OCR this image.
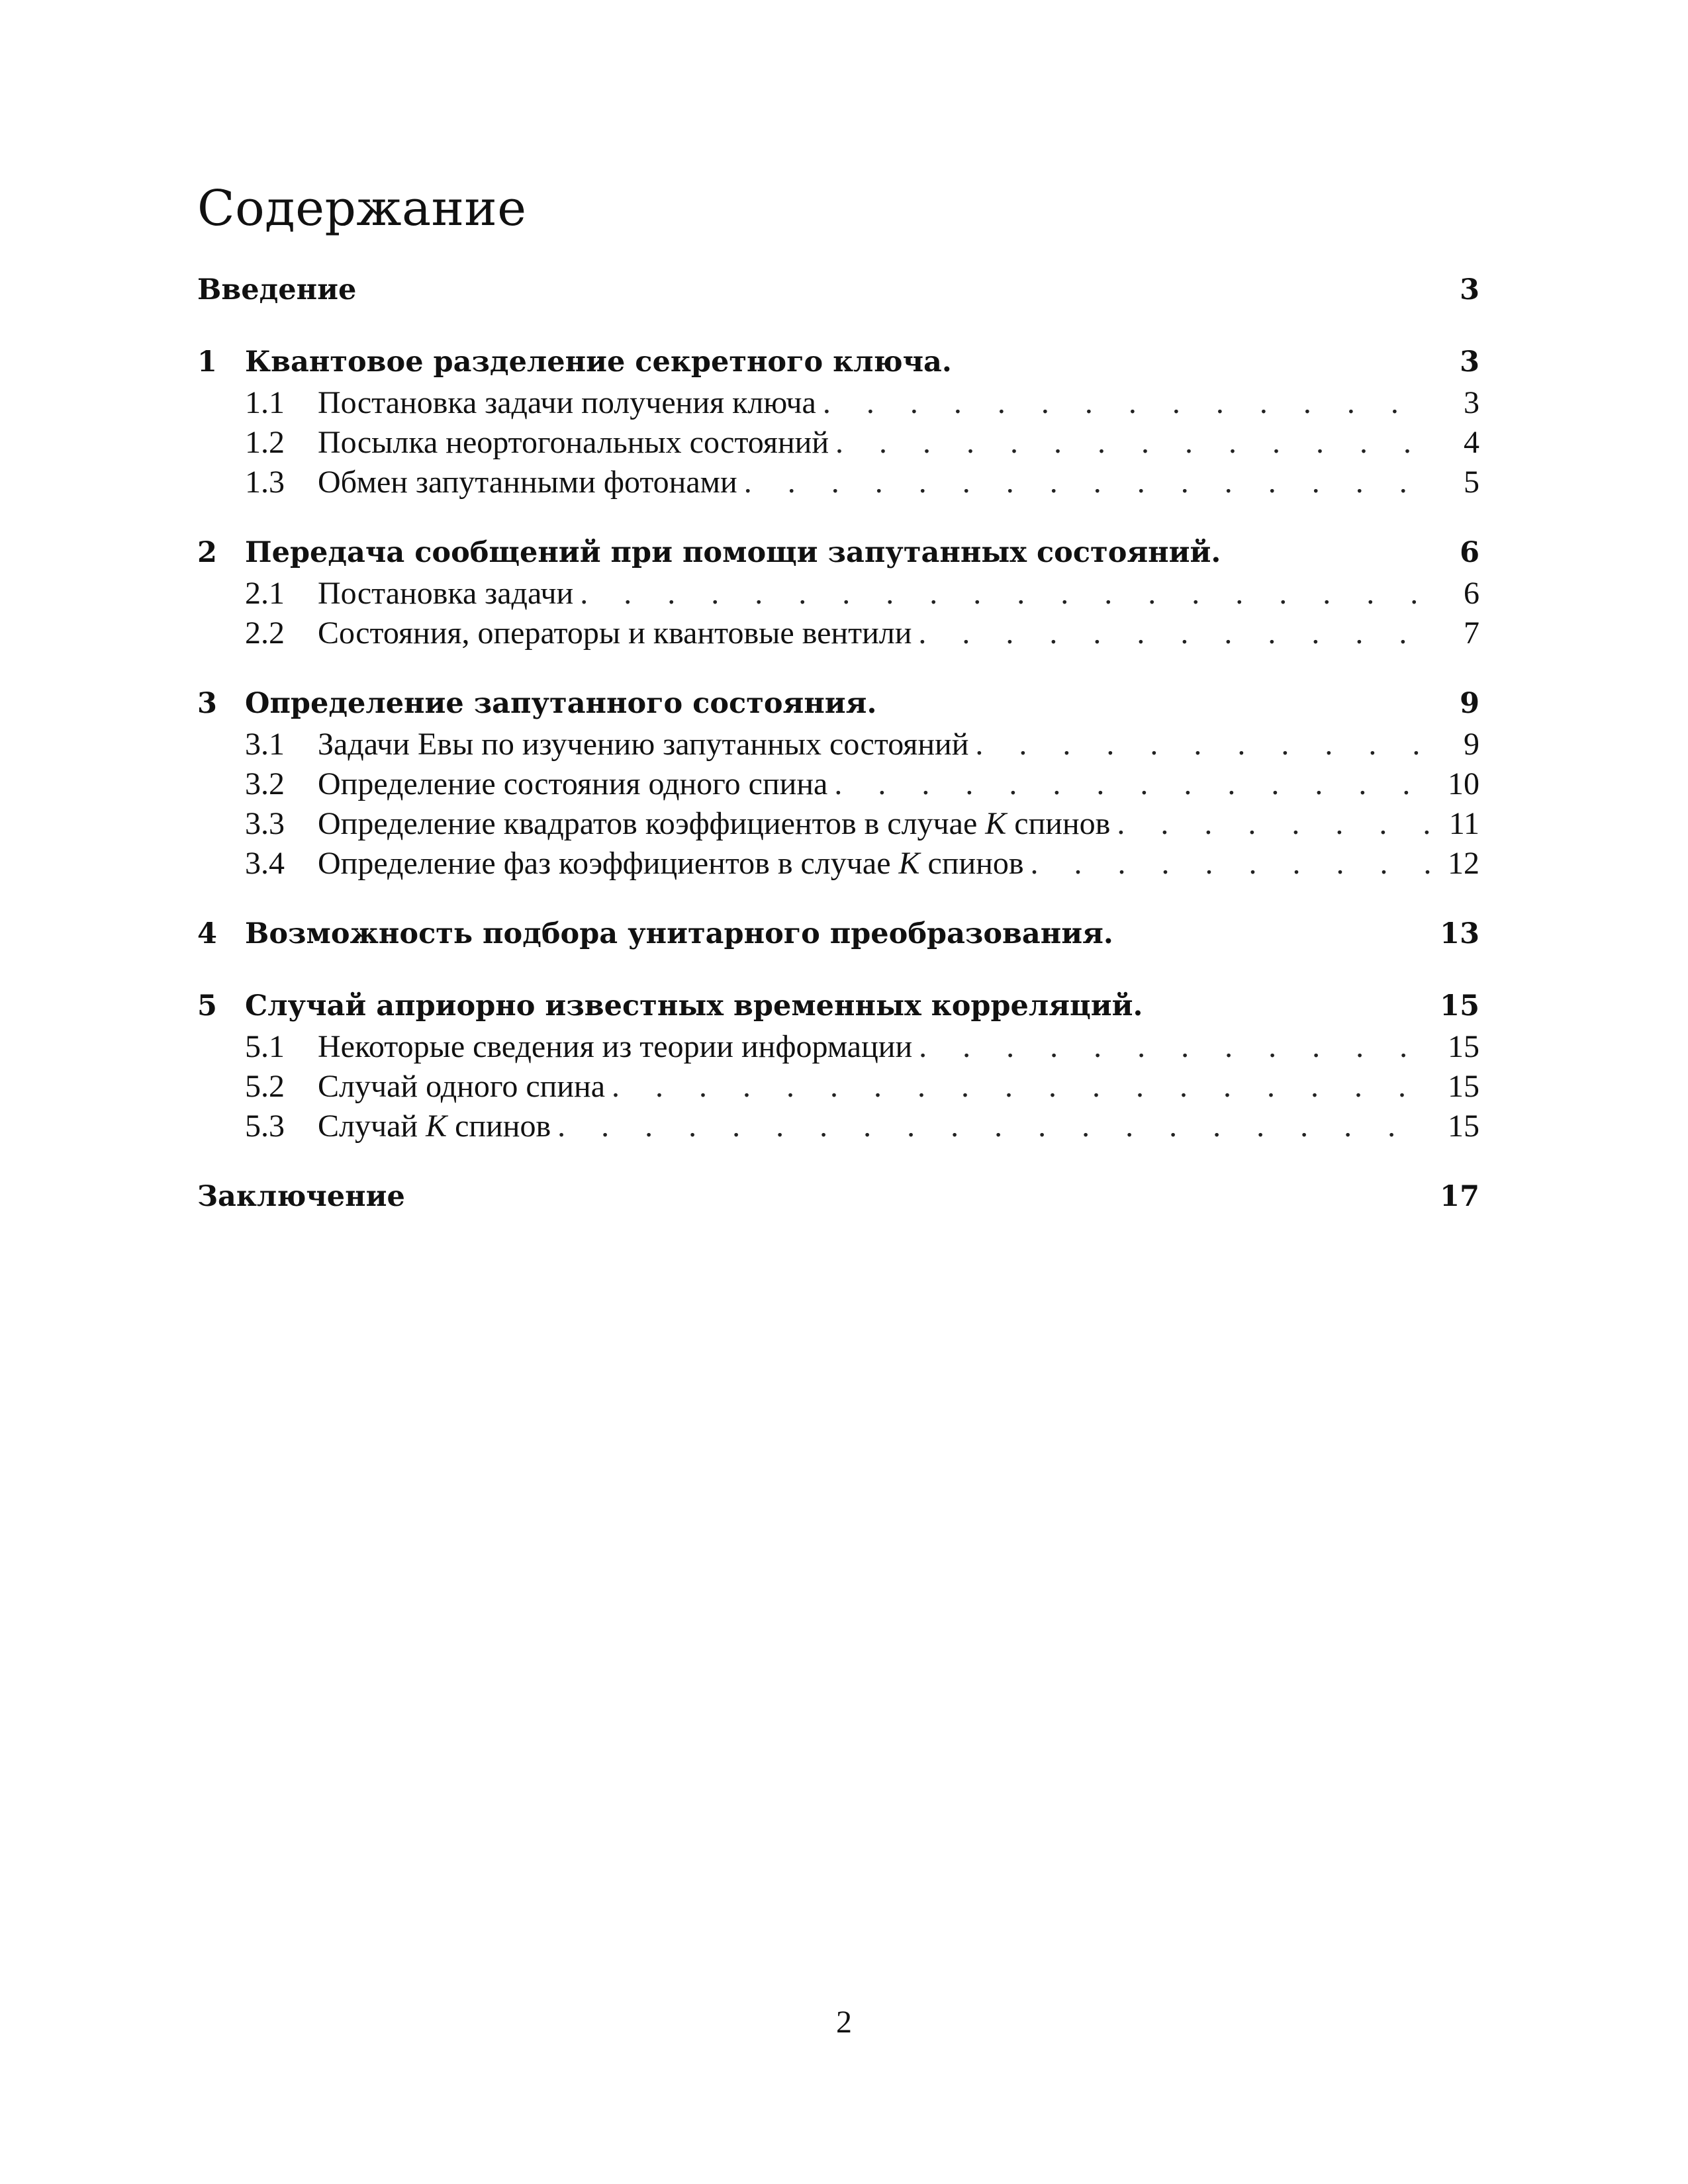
Содержание
Введение	3
1 Квантовое разделение секретного ключа.	3
1.1	Постановка задачи получения ключа . . .	3
1.2	Посылка неортогональных состояний . . .	4
1.3	Обмен запутанными фотонами . . .	5
2 Передача сообщений при помощи запутанных состояний.	6
2.1	Постановка задачи . . .	6
2.2	Состояния, операторы и квантовые вентили . . .	7
3 Определение запутанного состояния.	9
3.1	Задачи Евы по изучению запутанных состояний . . .	9
3.2	Определение состояния одного спина . . .	10
3.3	Определение квадратов коэффициентов в случае K спинов . . .	11
3.4	Определение фаз коэффициентов в случае K спинов . . .	12
4 Возможность подбора унитарного преобразования.	13
5 Случай априорно известных временных корреляций.	15
5.1	Некоторые сведения из теории информации . . .	15
5.2	Случай одного спина . . .	15
5.3	Случай K спинов . . .	15
Заключение	17
2
